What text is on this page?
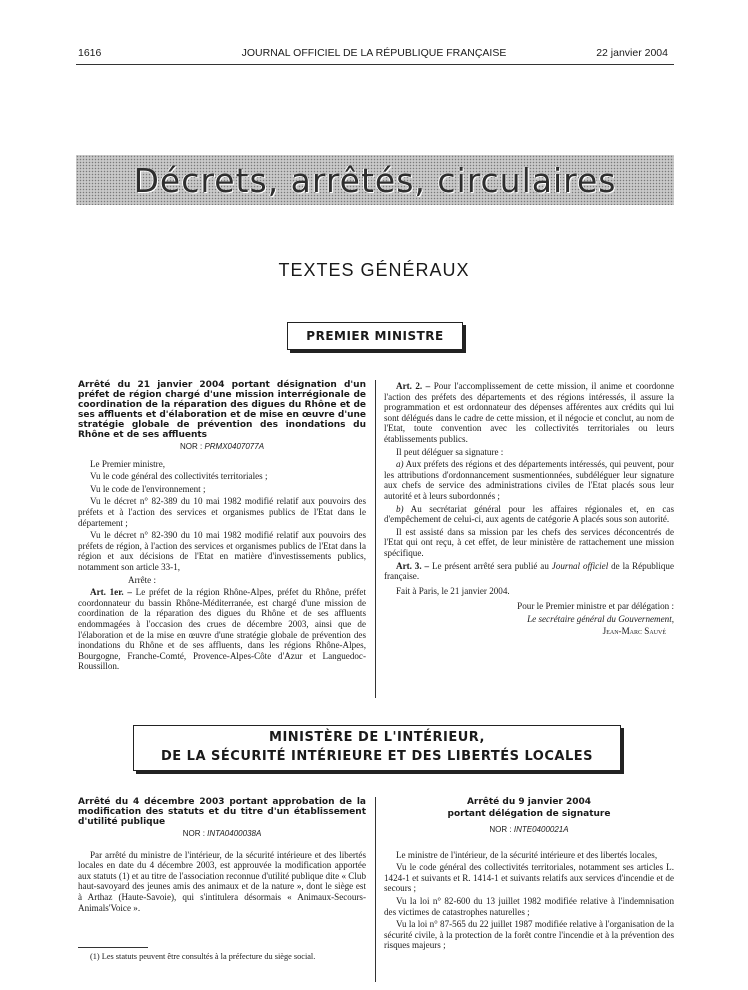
1616	JOURNAL OFFICIEL DE LA RÉPUBLIQUE FRANÇAISE	22 janvier 2004
Décrets, arrêtés, circulaires
TEXTES GÉNÉRAUX
PREMIER MINISTRE
Arrêté du 21 janvier 2004 portant désignation d'un préfet de région chargé d'une mission interrégionale de coordination de la réparation des digues du Rhône et de ses affluents et d'élaboration et de mise en œuvre d'une stratégie globale de prévention des inondations du Rhône et de ses affluents
NOR : PRMX0407077A

Le Premier ministre,

Vu le code général des collectivités territoriales ;

Vu le code de l'environnement ;

Vu le décret n° 82-389 du 10 mai 1982 modifié relatif aux pouvoirs des préfets et à l'action des services et organismes publics de l'Etat dans le département ;

Vu le décret n° 82-390 du 10 mai 1982 modifié relatif aux pouvoirs des préfets de région, à l'action des services et organismes publics de l'Etat dans la région et aux décisions de l'Etat en matière d'investissements publics, notamment son article 33-1,

Arrête :

Art. 1er. – Le préfet de la région Rhône-Alpes, préfet du Rhône, préfet coordonnateur du bassin Rhône-Méditerranée, est chargé d'une mission de coordination de la réparation des digues du Rhône et de ses affluents endommagées à l'occasion des crues de décembre 2003, ainsi que de l'élaboration et de la mise en œuvre d'une stratégie globale de prévention des inondations du Rhône et de ses affluents, dans les régions Rhône-Alpes, Bourgogne, Franche-Comté, Provence-Alpes-Côte d'Azur et Languedoc-Roussillon.

Art. 2. – Pour l'accomplissement de cette mission, il anime et coordonne l'action des préfets des départements et des régions intéressés, il assure la programmation et est ordonnateur des dépenses afférentes aux crédits qui lui sont délégués dans le cadre de cette mission, et il négocie et conclut, au nom de l'Etat, toute convention avec les collectivités territoriales ou leurs établissements publics.

Il peut déléguer sa signature :

a) Aux préfets des régions et des départements intéressés, qui peuvent, pour les attributions d'ordonnancement susmentionnées, subdéléguer leur signature aux chefs de service des administrations civiles de l'Etat placés sous leur autorité et à leurs subordonnés ;

b) Au secrétariat général pour les affaires régionales et, en cas d'empêchement de celui-ci, aux agents de catégorie A placés sous son autorité.

Il est assisté dans sa mission par les chefs des services déconcentrés de l'Etat qui ont reçu, à cet effet, de leur ministère de rattachement une mission spécifique.

Art. 3. – Le présent arrêté sera publié au Journal officiel de la République française.

Fait à Paris, le 21 janvier 2004.

Pour le Premier ministre et par délégation :

Le secrétaire général du Gouvernement,

Jean-Marc Sauvé

MINISTÈRE DE L'INTÉRIEUR,
DE LA SÉCURITÉ INTÉRIEURE ET DES LIBERTÉS LOCALES
Arrêté du 4 décembre 2003 portant approbation de la modification des statuts et du titre d'un établissement d'utilité publique
NOR : INTA0400038A

Par arrêté du ministre de l'intérieur, de la sécurité intérieure et des libertés locales en date du 4 décembre 2003, est approuvée la modification apportée aux statuts (1) et au titre de l'association reconnue d'utilité publique dite « Club haut-savoyard des jeunes amis des animaux et de la nature », dont le siège est à Arthaz (Haute-Savoie), qui s'intitulera désormais « Animaux-Secours-Animals'Voice ».

(1) Les statuts peuvent être consultés à la préfecture du siège social.
Arrêté du 9 janvier 2004
portant délégation de signature
NOR : INTE0400021A

Le ministre de l'intérieur, de la sécurité intérieure et des libertés locales,

Vu le code général des collectivités territoriales, notamment ses articles L. 1424-1 et suivants et R. 1414-1 et suivants relatifs aux services d'incendie et de secours ;

Vu la loi n° 82-600 du 13 juillet 1982 modifiée relative à l'indemnisation des victimes de catastrophes naturelles ;

Vu la loi n° 87-565 du 22 juillet 1987 modifiée relative à l'organisation de la sécurité civile, à la protection de la forêt contre l'incendie et à la prévention des risques majeurs ;
